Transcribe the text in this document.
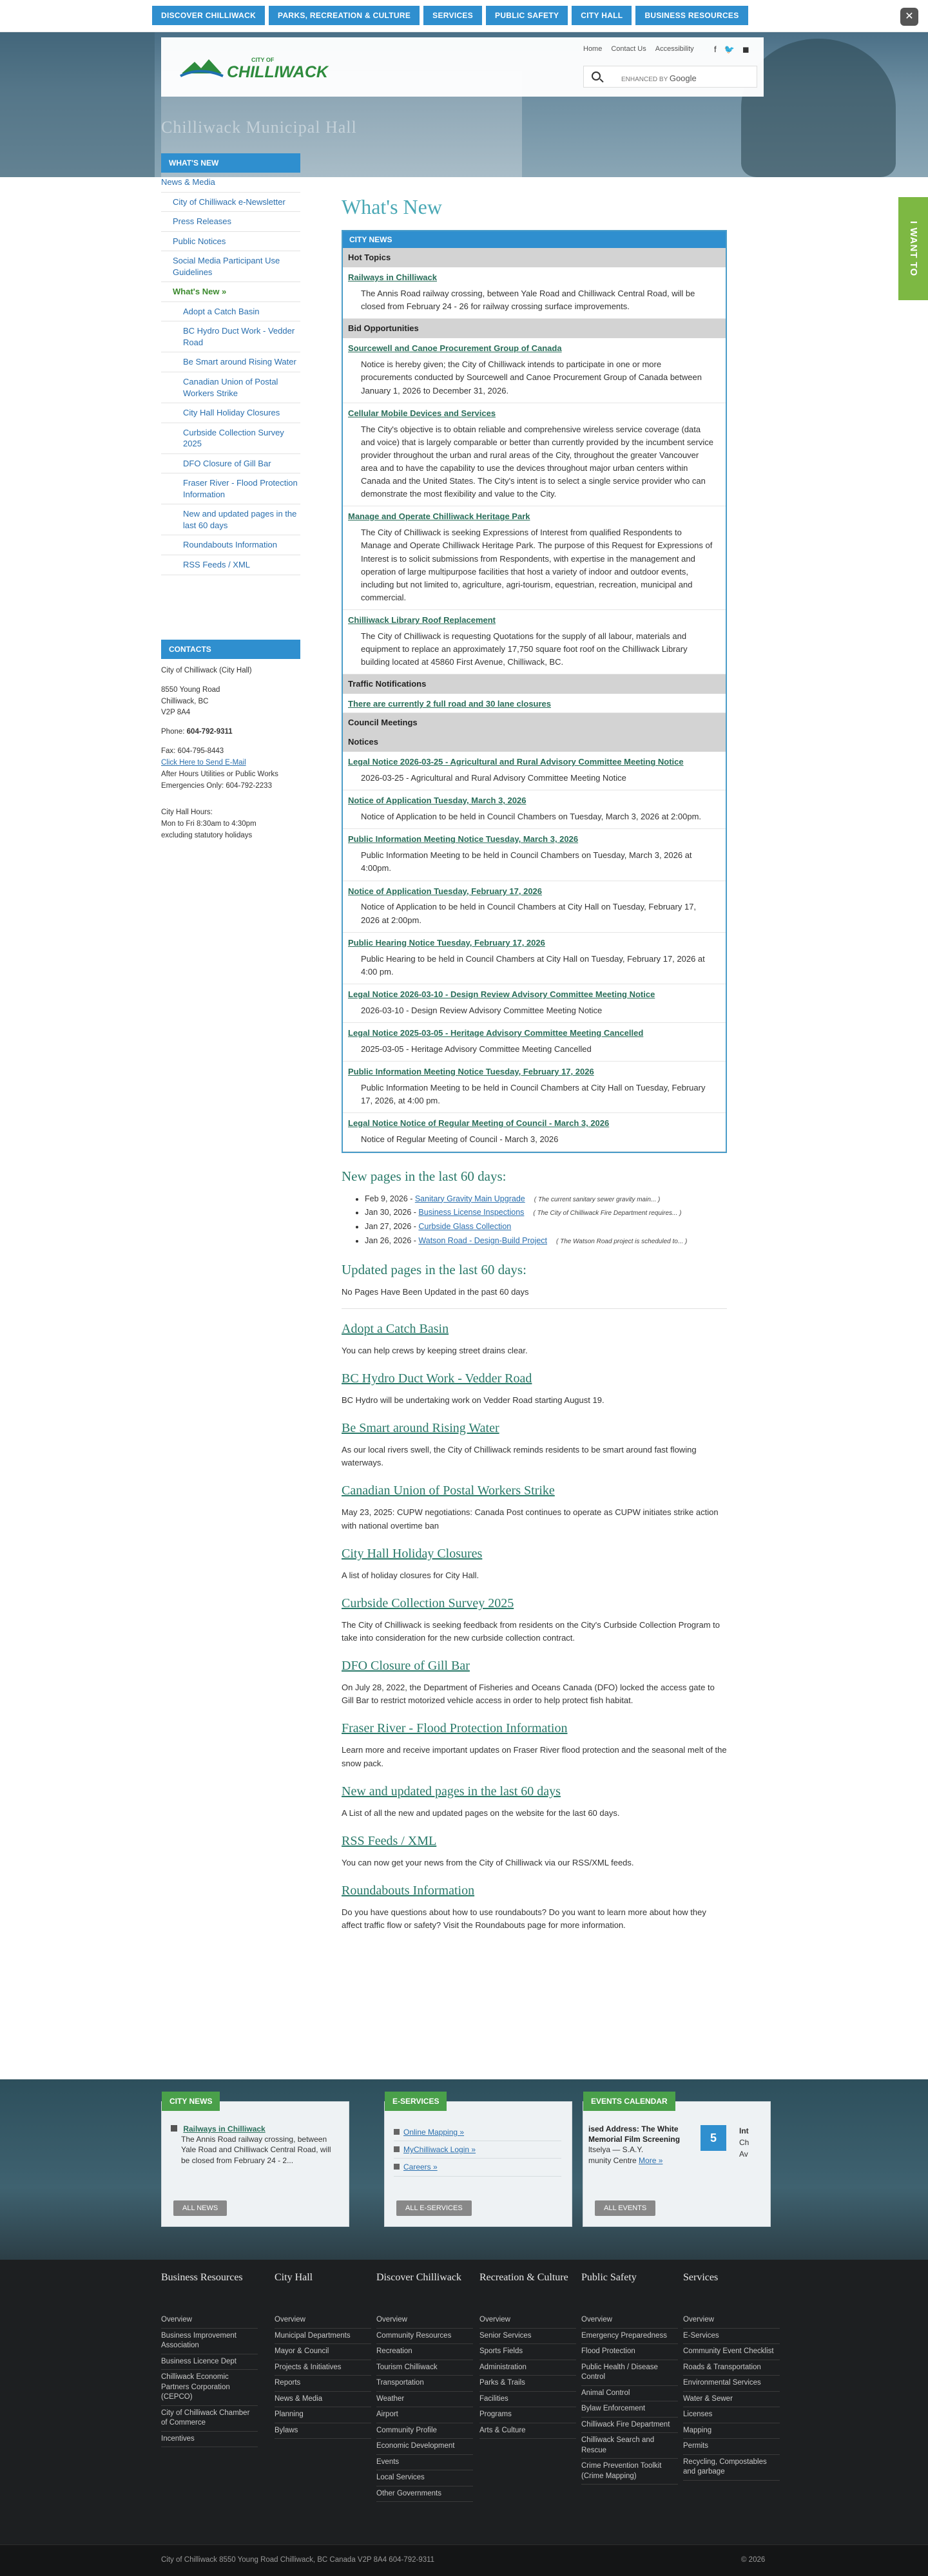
DISCOVER CHILLIWACK	PARKS, RECREATION & CULTURE	SERVICES	PUBLIC SAFETY	CITY HALL	BUSINESS RESOURCES	✕
Chilliwack Municipal Hall
CITY OF
CHILLIWACK
Home Contact Us Accessibility f 🐦 ◼
ENHANCED BY Google
I WANT TO
WHAT'S NEW
News & Media
City of Chilliwack e-Newsletter
Press Releases
Public Notices
Social Media Participant Use Guidelines
What's New »
Adopt a Catch Basin
BC Hydro Duct Work - Vedder Road
Be Smart around Rising Water
Canadian Union of Postal Workers Strike
City Hall Holiday Closures
Curbside Collection Survey 2025
DFO Closure of Gill Bar
Fraser River - Flood Protection Information
New and updated pages in the last 60 days
Roundabouts Information
RSS Feeds / XML
CONTACTS
City of Chilliwack (City Hall)
8550 Young Road
Chilliwack, BC
V2P 8A4
Phone: 604-792-9311
Fax: 604-795-8443
Click Here to Send E-Mail
After Hours Utilities or Public Works
Emergencies Only: 604-792-2233
City Hall Hours:
Mon to Fri 8:30am to 4:30pm
excluding statutory holidays
What's New
CITY NEWS
Hot Topics
Railways in Chilliwack
The Annis Road railway crossing, between Yale Road and Chilliwack Central Road, will be closed from February 24 - 26 for railway crossing surface improvements.
Bid Opportunities
Sourcewell and Canoe Procurement Group of Canada
Notice is hereby given; the City of Chilliwack intends to participate in one or more procurements conducted by Sourcewell and Canoe Procurement Group of Canada between January 1, 2026 to December 31, 2026.
Cellular Mobile Devices and Services
The City's objective is to obtain reliable and comprehensive wireless service coverage (data and voice) that is largely comparable or better than currently provided by the incumbent service provider throughout the urban and rural areas of the City, throughout the greater Vancouver area and to have the capability to use the devices throughout major urban centers within Canada and the United States. The City's intent is to select a single service provider who can demonstrate the most flexibility and value to the City.
Manage and Operate Chilliwack Heritage Park
The City of Chilliwack is seeking Expressions of Interest from qualified Respondents to Manage and Operate Chilliwack Heritage Park. The purpose of this Request for Expressions of Interest is to solicit submissions from Respondents, with expertise in the management and operation of large multipurpose facilities that host a variety of indoor and outdoor events, including but not limited to, agriculture, agri-tourism, equestrian, recreation, municipal and commercial.
Chilliwack Library Roof Replacement
The City of Chilliwack is requesting Quotations for the supply of all labour, materials and equipment to replace an approximately 17,750 square foot roof on the Chilliwack Library building located at 45860 First Avenue, Chilliwack, BC.
Traffic Notifications
There are currently 2 full road and 30 lane closures
Council Meetings
Notices
Legal Notice 2026-03-25 - Agricultural and Rural Advisory Committee Meeting Notice
2026-03-25 - Agricultural and Rural Advisory Committee Meeting Notice
Notice of Application Tuesday, March 3, 2026
Notice of Application to be held in Council Chambers on Tuesday, March 3, 2026 at 2:00pm.
Public Information Meeting Notice Tuesday, March 3, 2026
Public Information Meeting to be held in Council Chambers on Tuesday, March 3, 2026 at 4:00pm.
Notice of Application Tuesday, February 17, 2026
Notice of Application to be held in Council Chambers at City Hall on Tuesday, February 17, 2026 at 2:00pm.
Public Hearing Notice Tuesday, February 17, 2026
Public Hearing to be held in Council Chambers at City Hall on Tuesday, February 17, 2026 at 4:00 pm.
Legal Notice 2026-03-10 - Design Review Advisory Committee Meeting Notice
2026-03-10 - Design Review Advisory Committee Meeting Notice
Legal Notice 2025-03-05 - Heritage Advisory Committee Meeting Cancelled
2025-03-05 - Heritage Advisory Committee Meeting Cancelled
Public Information Meeting Notice Tuesday, February 17, 2026
Public Information Meeting to be held in Council Chambers at City Hall on Tuesday, February 17, 2026, at 4:00 pm.
Legal Notice Notice of Regular Meeting of Council - March 3, 2026
Notice of Regular Meeting of Council - March 3, 2026
New pages in the last 60 days:
• Feb 9, 2026 - Sanitary Gravity Main Upgrade ( The current sanitary sewer gravity main... )
• Jan 30, 2026 - Business License Inspections ( The City of Chilliwack Fire Department requires... )
• Jan 27, 2026 - Curbside Glass Collection
• Jan 26, 2026 - Watson Road - Design-Build Project ( The Watson Road project is scheduled to... )
Updated pages in the last 60 days:
No Pages Have Been Updated in the past 60 days
Adopt a Catch Basin
You can help crews by keeping street drains clear.
BC Hydro Duct Work - Vedder Road
BC Hydro will be undertaking work on Vedder Road starting August 19.
Be Smart around Rising Water
As our local rivers swell, the City of Chilliwack reminds residents to be smart around fast flowing waterways.
Canadian Union of Postal Workers Strike
May 23, 2025: CUPW negotiations: Canada Post continues to operate as CUPW initiates strike action with national overtime ban
City Hall Holiday Closures
A list of holiday closures for City Hall.
Curbside Collection Survey 2025
The City of Chilliwack is seeking feedback from residents on the City's Curbside Collection Program to take into consideration for the new curbside collection contract.
DFO Closure of Gill Bar
On July 28, 2022, the Department of Fisheries and Oceans Canada (DFO) locked the access gate to Gill Bar to restrict motorized vehicle access in order to help protect fish habitat.
Fraser River - Flood Protection Information
Learn more and receive important updates on Fraser River flood protection and the seasonal melt of the snow pack.
New and updated pages in the last 60 days
A List of all the new and updated pages on the website for the last 60 days.
RSS Feeds / XML
You can now get your news from the City of Chilliwack via our RSS/XML feeds.
Roundabouts Information
Do you have questions about how to use roundabouts? Do you want to learn more about how they affect traffic flow or safety? Visit the Roundabouts page for more information.
CITY NEWS
Railways in Chilliwack
The Annis Road railway crossing, between Yale Road and Chilliwack Central Road, will be closed from February 24 - 2...
ALL NEWS
E-SERVICES
Online Mapping »
MyChilliwack Login »
Careers »
ALL E-SERVICES
EVENTS CALENDAR
ised Address: The White Memorial Film Screening
ltselya — S.A.Y.
munity Centre More »
5
Int
Ch
Av
ALL EVENTS
Business Resources
Overview
Business Improvement Association
Business Licence Dept
Chilliwack Economic Partners Corporation (CEPCO)
City of Chilliwack Chamber of Commerce
Incentives
City Hall
Overview
Municipal Departments
Mayor & Council
Projects & Initiatives
Reports
News & Media
Planning
Bylaws
Discover Chilliwack
Overview
Community Resources
Recreation
Tourism Chilliwack
Transportation
Weather
Airport
Community Profile
Economic Development
Events
Local Services
Other Governments
Recreation & Culture
Overview
Senior Services
Sports Fields
Administration
Parks & Trails
Facilities
Programs
Arts & Culture
Public Safety
Overview
Emergency Preparedness
Flood Protection
Public Health / Disease Control
Animal Control
Bylaw Enforcement
Chilliwack Fire Department
Chilliwack Search and Rescue
Crime Prevention Toolkit (Crime Mapping)
Services
Overview
E-Services
Community Event Checklist
Roads & Transportation
Environmental Services
Water & Sewer
Licenses
Mapping
Permits
Recycling, Compostables and garbage
City of Chilliwack 8550 Young Road Chilliwack, BC Canada V2P 8A4 604-792-9311	© 2026
